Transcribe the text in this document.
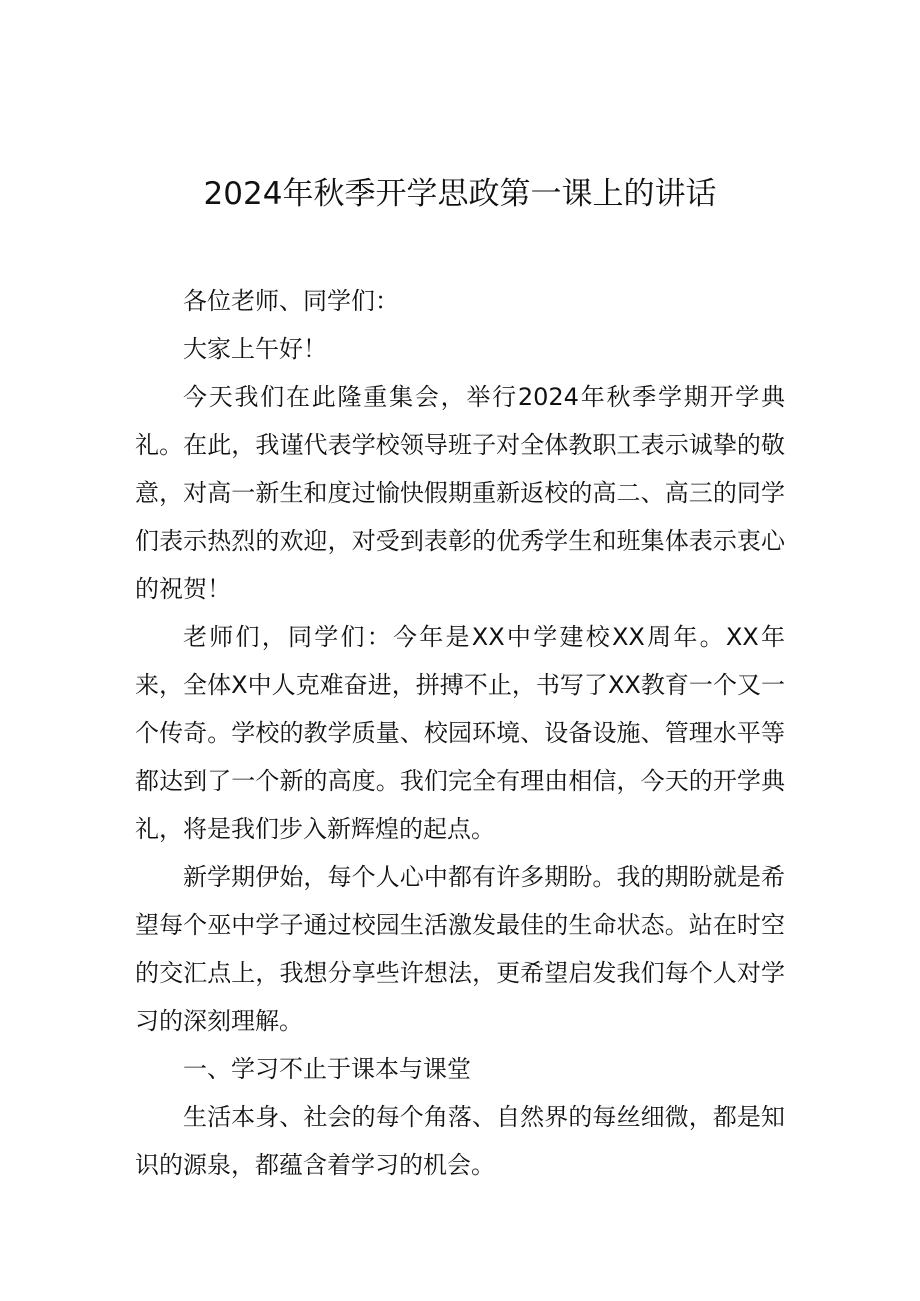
2024年秋季开学思政第一课上的讲话

各位老师、同学们：

大家上午好！

今天我们在此隆重集会，举行2024年秋季学期开学典礼。在此，我谨代表学校领导班子对全体教职工表示诚挚的敬意，对高一新生和度过愉快假期重新返校的高二、高三的同学们表示热烈的欢迎，对受到表彰的优秀学生和班集体表示衷心的祝贺！

老师们，同学们：今年是XX中学建校XX周年。XX年来，全体X中人克难奋进，拼搏不止，书写了XX教育一个又一个传奇。学校的教学质量、校园环境、设备设施、管理水平等都达到了一个新的高度。我们完全有理由相信，今天的开学典礼，将是我们步入新辉煌的起点。

新学期伊始，每个人心中都有许多期盼。我的期盼就是希望每个巫中学子通过校园生活激发最佳的生命状态。站在时空的交汇点上，我想分享些许想法，更希望启发我们每个人对学习的深刻理解。

一、学习不止于课本与课堂

生活本身、社会的每个角落、自然界的每丝细微，都是知识的源泉，都蕴含着学习的机会。
